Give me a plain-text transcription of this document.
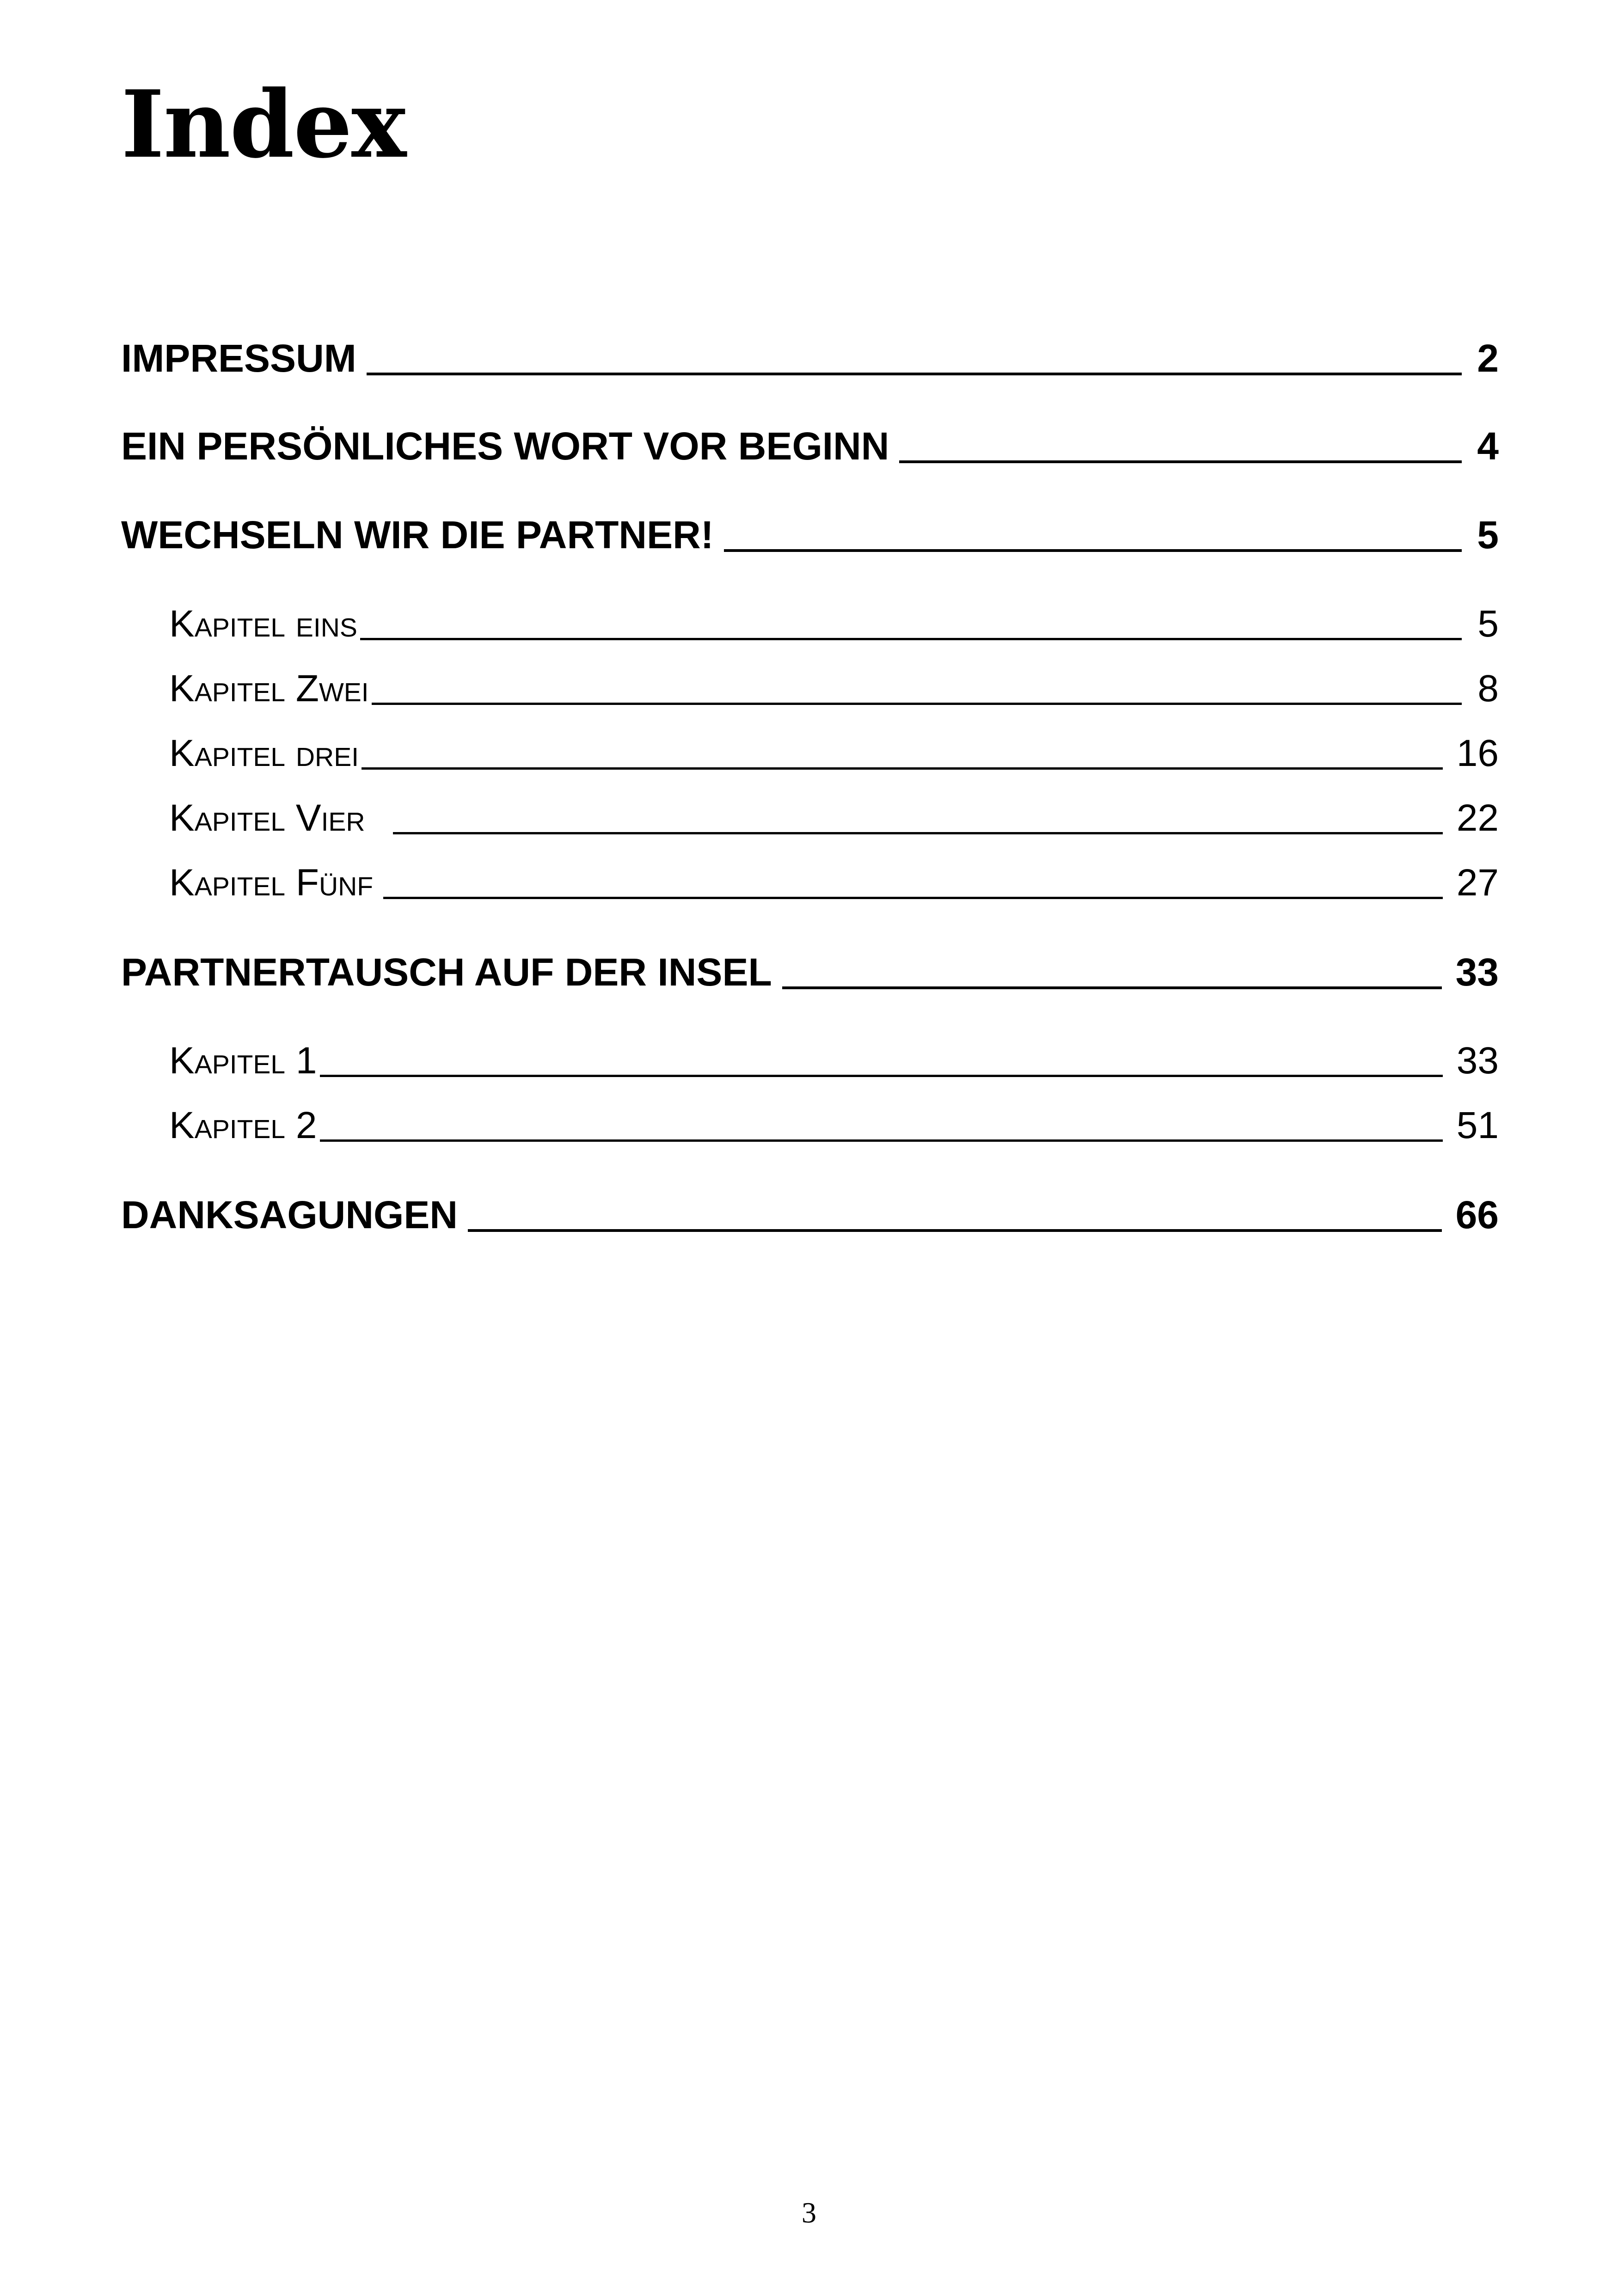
Index
IMPRESSUM	2
EIN PERSÖNLICHES WORT VOR BEGINN	4
WECHSELN WIR DIE PARTNER!	5
Kapitel eins	5
Kapitel Zwei	8
Kapitel drei	16
Kapitel Vier	22
Kapitel Fünf	27
PARTNERTAUSCH AUF DER INSEL	33
Kapitel 1	33
Kapitel 2	51
DANKSAGUNGEN	66
3
